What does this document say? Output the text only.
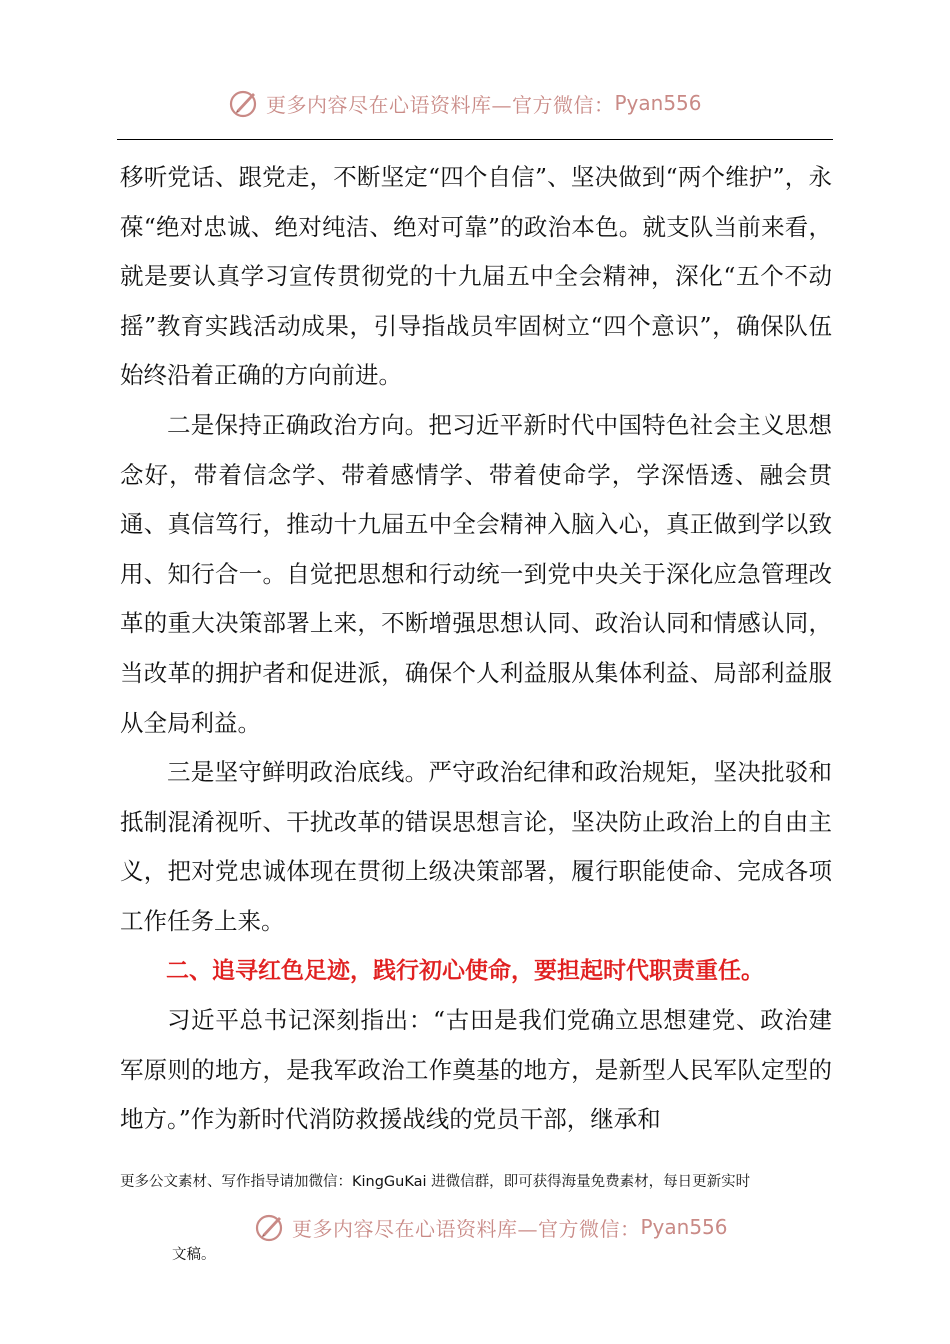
更多内容尽在心语资料库—官方微信： Pyan556

移听党话、跟党走，不断坚定“四个自信”、坚决做到“两个维护”，永葆“绝对忠诚、绝对纯洁、绝对可靠”的政治本色。就支队当前来看，就是要认真学习宣传贯彻党的十九届五中全会精神，深化“五个不动摇”教育实践活动成果，引导指战员牢固树立“四个意识”，确保队伍始终沿着正确的方向前进。

二是保持正确政治方向。把习近平新时代中国特色社会主义思想念好，带着信念学、带着感情学、带着使命学，学深悟透、融会贯通、真信笃行，推动十九届五中全会精神入脑入心，真正做到学以致用、知行合一。自觉把思想和行动统一到党中央关于深化应急管理改革的重大决策部署上来，不断增强思想认同、政治认同和情感认同，当改革的拥护者和促进派，确保个人利益服从集体利益、局部利益服从全局利益。

三是坚守鲜明政治底线。严守政治纪律和政治规矩，坚决批驳和抵制混淆视听、干扰改革的错误思想言论，坚决防止政治上的自由主义，把对党忠诚体现在贯彻上级决策部署，履行职能使命、完成各项工作任务上来。

二、追寻红色足迹，践行初心使命，要担起时代职责重任。

习近平总书记深刻指出：“古田是我们党确立思想建党、政治建军原则的地方，是我军政治工作奠基的地方，是新型人民军队定型的地方。”作为新时代消防救援战线的党员干部，继承和

更多公文素材、写作指导请加微信：KingGuKai 进微信群，即可获得海量免费素材，每日更新实时
更多内容尽在心语资料库—官方微信： Pyan556
文稿。
